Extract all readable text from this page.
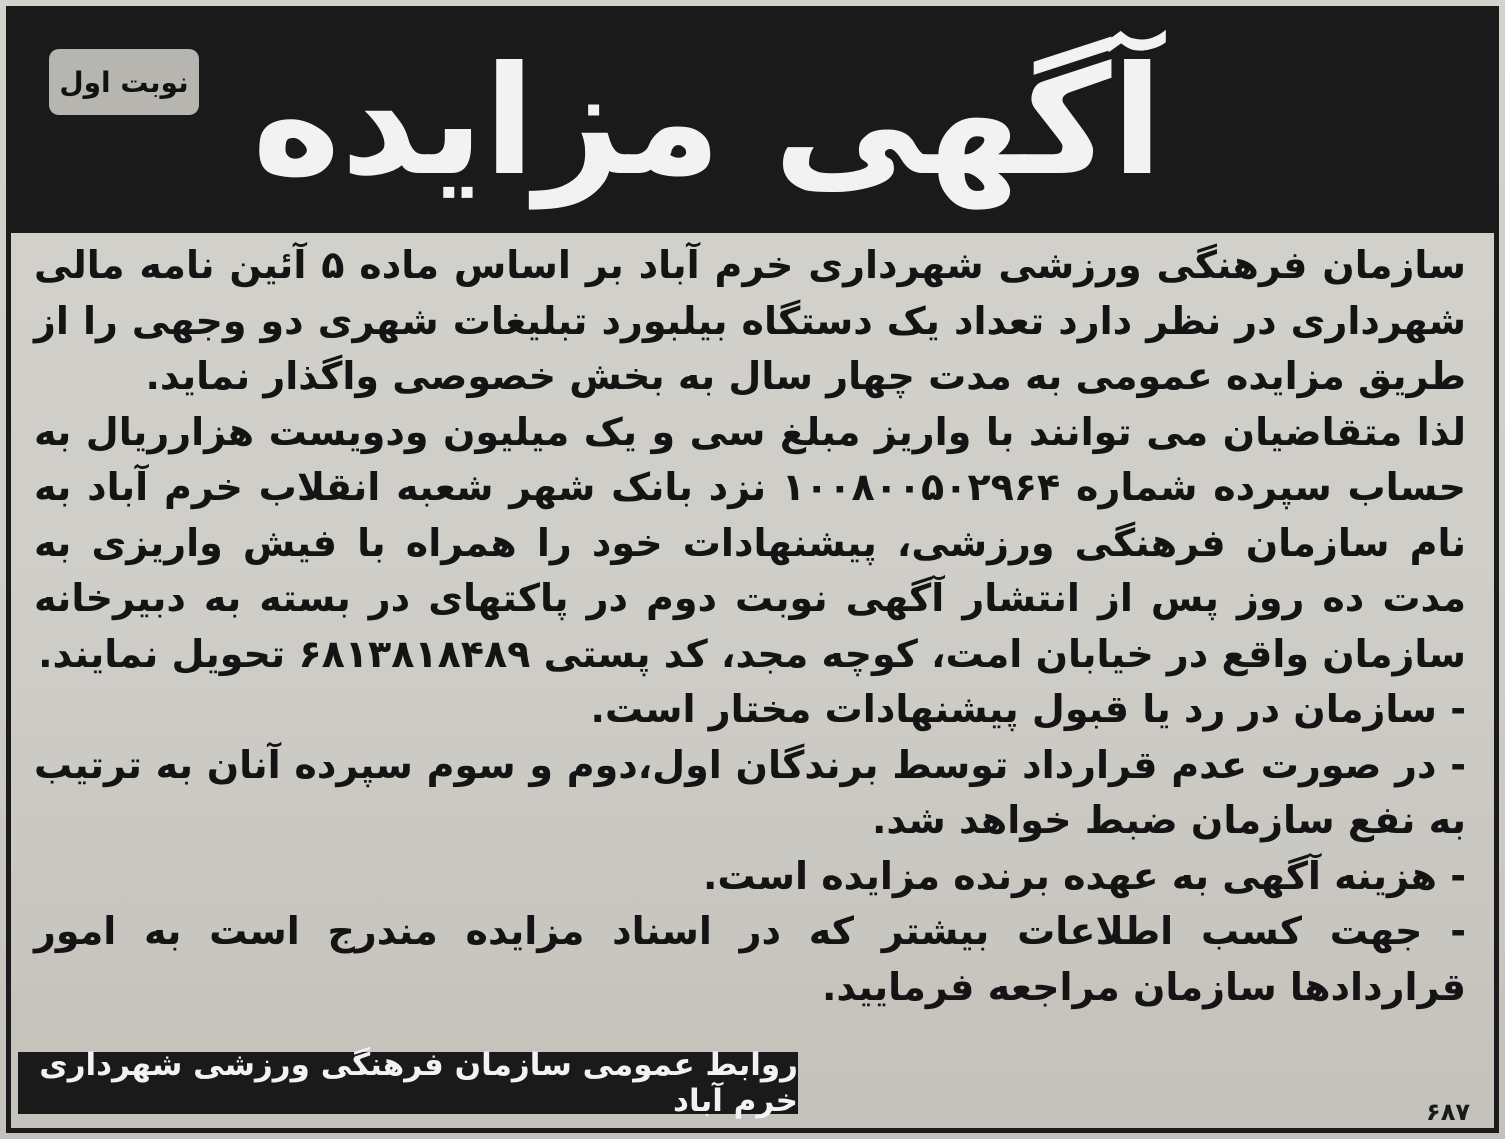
نوبت اول آگهی مزایده

سازمان فرهنگی ورزشی شهرداری خرم آباد بر اساس ماده ۵ آئین نامه مالی شهرداری در نظر دارد تعداد یک دستگاه بیلبورد تبلیغات شهری دو وجهی را از طریق مزایده عمومی به مدت چهار سال به بخش خصوصی واگذار نماید.

لذا متقاضیان می توانند با واریز مبلغ سی و یک میلیون ودویست هزارریال به حساب سپرده شماره ۱۰۰۸۰۰۵۰۲۹۶۴ نزد بانک شهر شعبه انقلاب خرم آباد به نام سازمان فرهنگی ورزشی، پیشنهادات خود را همراه با فیش واریزی به مدت ده روز پس از انتشار آگهی نوبت دوم در پاکتهای در بسته به دبیرخانه سازمان واقع در خیابان امت، کوچه مجد، کد پستی ۶۸۱۳۸۱۸۴۸۹ تحویل نمایند.

- سازمان در رد یا قبول پیشنهادات مختار است.

- در صورت عدم قرارداد توسط برندگان اول،دوم و سوم سپرده آنان به ترتیب به نفع سازمان ضبط خواهد شد.

- هزینه آگهی به عهده برنده مزایده است.

- جهت کسب اطلاعات بیشتر که در اسناد مزایده مندرج است به امور قراردادها سازمان مراجعه فرمایید.

روابط عمومی سازمان فرهنگی ورزشی شهرداری خرم آباد	۶۸۷
